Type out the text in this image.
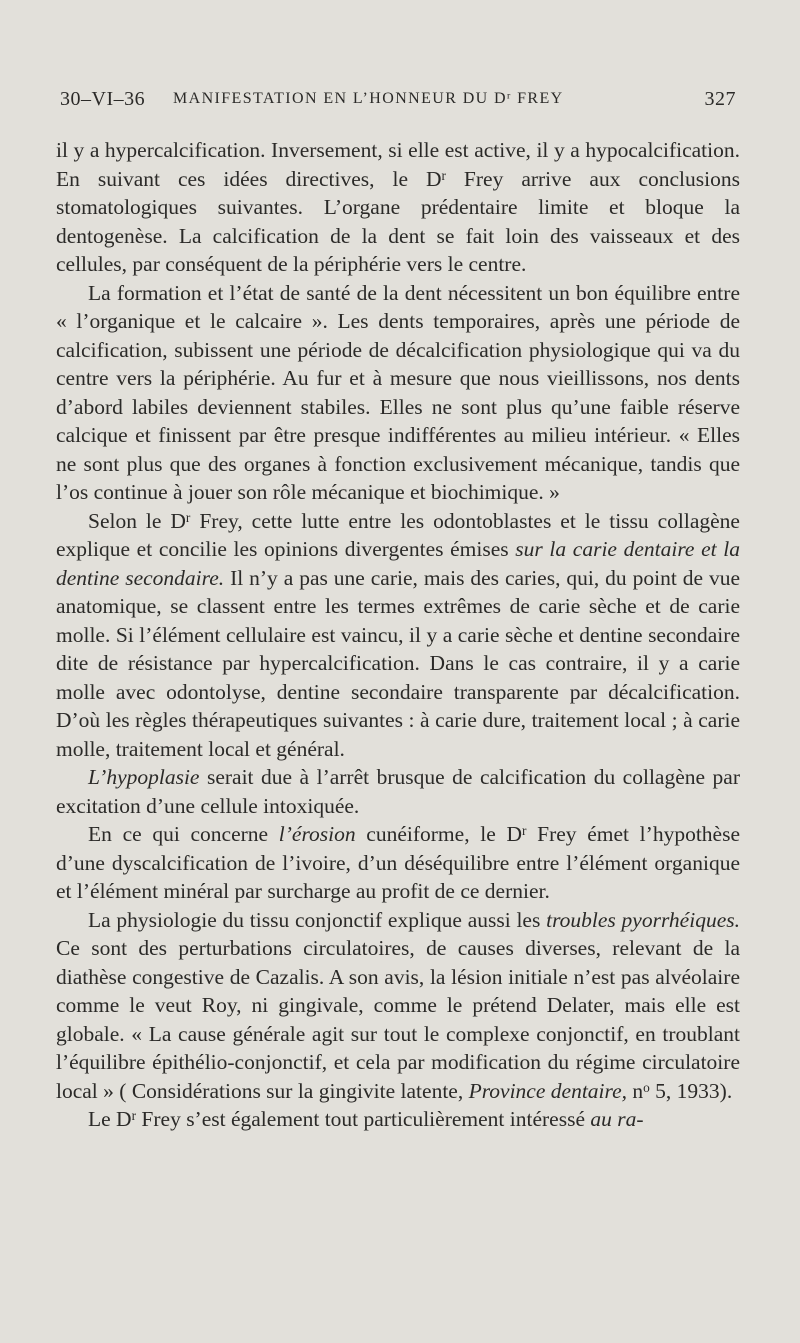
30–VI–36 MANIFESTATION EN L’HONNEUR DU $D^r$ FREY	327

il y a hypercalcification. Inversement, si elle est active, il y a hypocalcification. En suivant ces idées directives, le $D^r$ Frey arrive aux conclusions stomatologiques suivantes. L’organe prédentaire limite et bloque la dentogenèse. La calcification de la dent se fait loin des vaisseaux et des cellules, par conséquent de la périphérie vers le centre.

La formation et l’état de santé de la dent nécessitent un bon équilibre entre « l’organique et le calcaire ». Les dents temporaires, après une période de calcification, subissent une période de décalcification physiologique qui va du centre vers la périphérie. Au fur et à mesure que nous vieillissons, nos dents d’abord labiles deviennent stabiles. Elles ne sont plus qu’une faible réserve calcique et finissent par être presque indifférentes au milieu intérieur. « Elles ne sont plus que des organes à fonction exclusivement mécanique, tandis que l’os continue à jouer son rôle mécanique et biochimique. »

Selon le $D^r$ Frey, cette lutte entre les odontoblastes et le tissu collagène explique et concilie les opinions divergentes émises sur la carie dentaire et la dentine secondaire. Il n’y a pas une carie, mais des caries, qui, du point de vue anatomique, se classent entre les termes extrêmes de carie sèche et de carie molle. Si l’élément cellulaire est vaincu, il y a carie sèche et dentine secondaire dite de résistance par hypercalcification. Dans le cas contraire, il y a carie molle avec odontolyse, dentine secondaire transparente par décalcification. D’où les règles thérapeutiques suivantes : à carie dure, traitement local ; à carie molle, traitement local et général.

L’hypoplasie serait due à l’arrêt brusque de calcification du collagène par excitation d’une cellule intoxiquée.

En ce qui concerne l’érosion cunéiforme, le $D^r$ Frey émet l’hypothèse d’une dyscalcification de l’ivoire, d’un déséquilibre entre l’élément organique et l’élément minéral par surcharge au profit de ce dernier.

La physiologie du tissu conjonctif explique aussi les troubles pyorrhéiques. Ce sont des perturbations circulatoires, de causes diverses, relevant de la diathèse congestive de Cazalis. A son avis, la lésion initiale n’est pas alvéolaire comme le veut Roy, ni gingivale, comme le prétend Delater, mais elle est globale. « La cause générale agit sur tout le complexe conjonctif, en troublant l’équilibre épithélio-conjonctif, et cela par modification du régime circulatoire local » ( Considérations sur la gingivite latente, Province dentaire, $n^o$ 5, 1933).

Le $D^r$ Frey s’est également tout particulièrement intéressé au ra-
